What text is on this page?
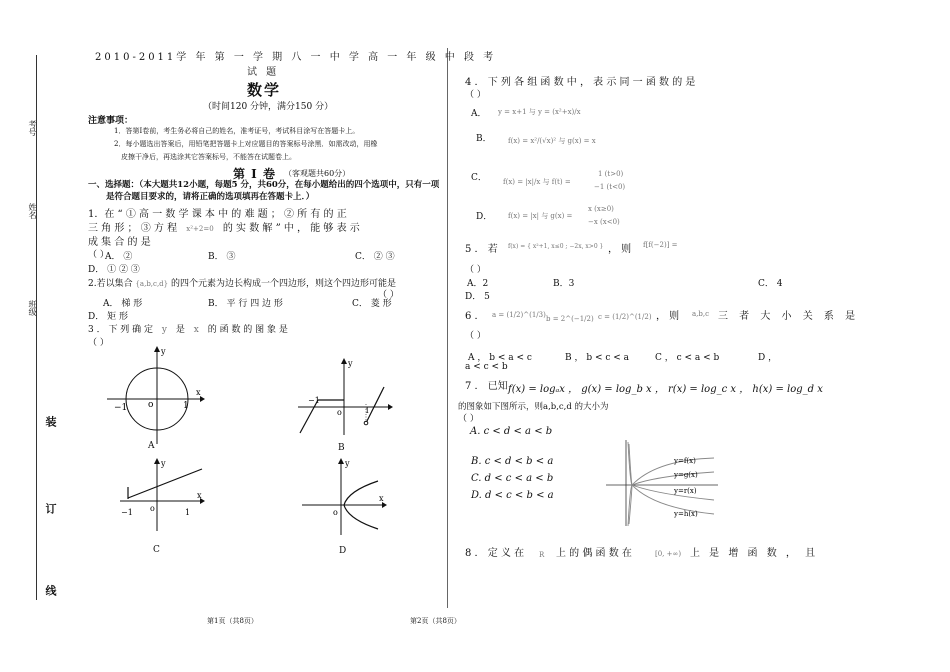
考号
姓名
班级
装
订
线
2010-2011学 年 第 一 学 期 八 一 中 学 高 一 年 级 中 段 考
试 题
数学
（时间120 分钟，满分150 分）
注意事项：
1．答第I卷前，考生务必将自己的姓名，准考证号，考试科目涂写在答题卡上。
2．每小题选出答案后，用铅笔把答题卡上对应题目的答案标号涂黑．如需改动，用橡
皮擦干净后，再选涂其它答案标号，不能答在试题卷上。
第 Ⅰ 卷 （客观题共60分）
一、选择题：（本大题共12小题，每题5 分，共60分，在每小题给出的四个选项中，只有一项
是符合题目要求的，请将正确的选项填再在答题卡上．）
1．在 “ ① 高 一 数 学 课 本 中 的 难 题 ； ② 所 有 的 正
三 角 形 ； ③ 方 程 x²+2=0 的 实 数 解 ” 中 ， 能 够 表 示
成 集 合 的 是
（ ）
A． ②	B． ③	C． ② ③
D． ① ② ③
2.若以集合 {a,b,c,d} 的四个元素为边长构成一个四边形，则这个四边形可能是
（ ）
A． 梯 形	B． 平 行 四 边 形	C． 菱 形
D． 矩 形
3 ． 下 列 确 定 y 是 x 的 函 数 的 图 象 是
（ ）
y
x
o
−1	1
A
y
−1
o	1
B
y
x
o
−1	1
C
y
x
o
D
第1页（共8页）
4 ． 下 列 各 组 函 数 中 ， 表 示 同 一 函 数 的 是
（ ）
A． y = x+1 与 y = (x²+x)/x
B． f(x) = x²/(√x)² 与 g(x) = x
C． f(x) = |x|/x 与 f(t) =
1 (t>0)
−1 (t<0)
D． f(x) = |x| 与 g(x) =
x (x≥0)
−x (x<0)
5 ． 若 f(x) = { x²+1, x≤0 ; −2x, x>0 } ， 则 f[f(−2)] =
（ ）
A．2	B．3	C． 4
D． 5
6 ． a = (1/2)^(1/3) b = 2^(−1/2) c = (1/2)^(1/2) ， 则 a,b,c 三 者 大 小 关 系 是
（ ）
A ， b < a < c	B ， b < c < a	C ， c < a < b	D ，
a < c < b
7 ． 已知 f(x) = logₐx ， g(x) = log_b x ， r(x) = log_c x ， h(x) = log_d x
的图象如下图所示，则a,b,c,d 的大小为
（ ）
A. c < d < a < b
B. c < d < b < a
C. d < c < a < b
D. d < c < b < a
y=f(x)
y=g(x)
y=r(x)
y=h(x)
8 ． 定 义 在 R 上 的 偶 函 数 在	[0, +∞) 上 是 增 函 数 ， 且
第2页（共8页）
